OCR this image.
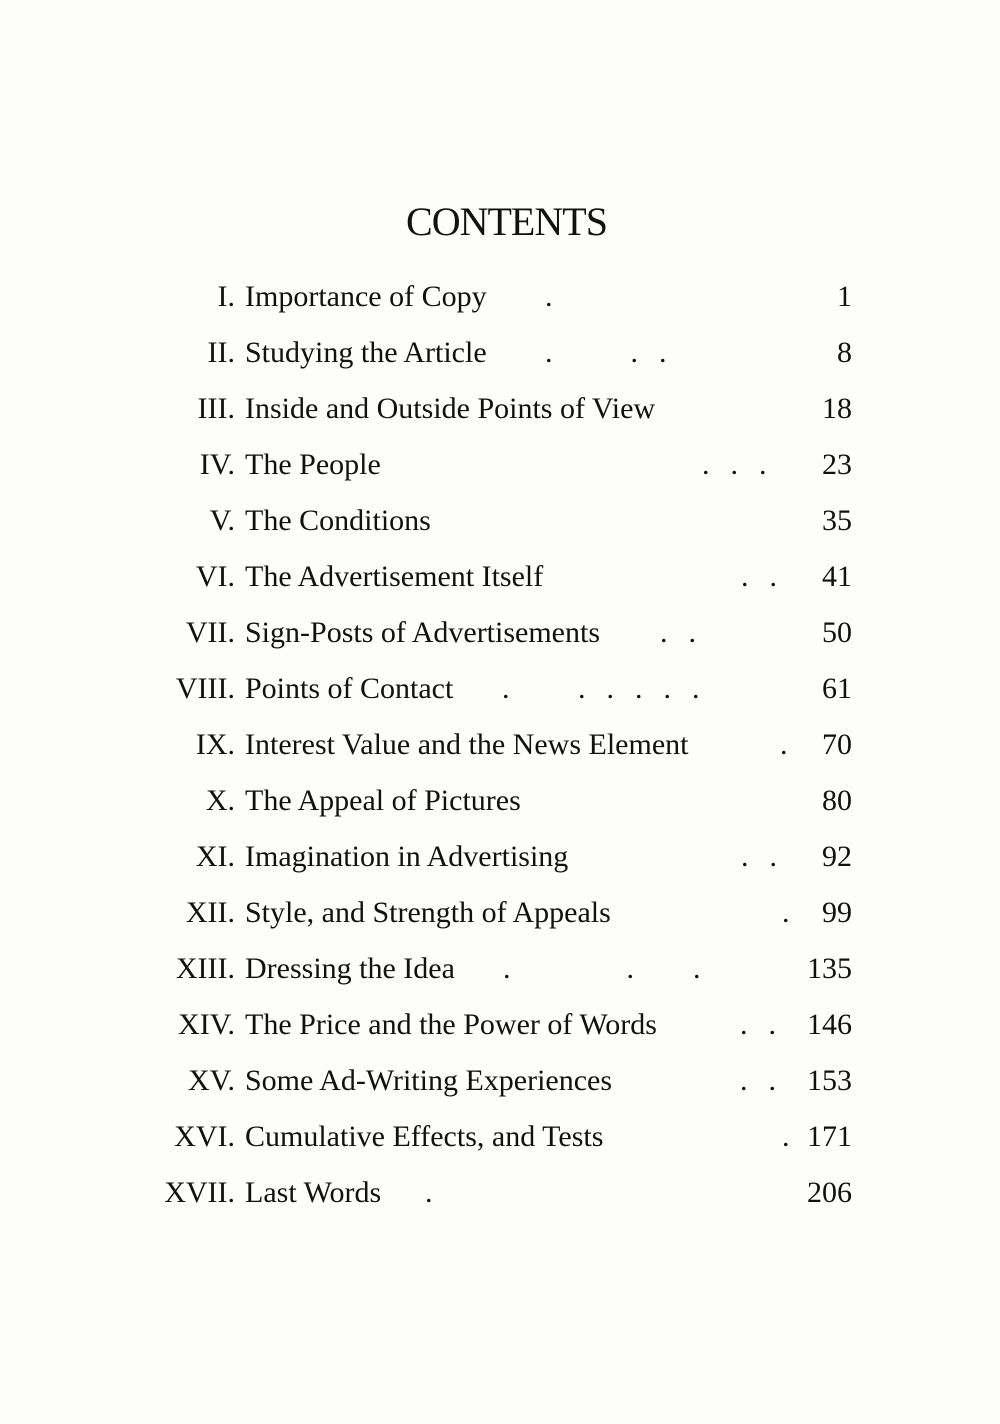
CONTENTS
I. Importance of Copy .	1
II. Studying the Article .        .  .	8
III. Inside and Outside Points of View	18
IV. The People	.  .  . 23
V. The Conditions	35
VI. The Advertisement Itself	.  . 41
VII. Sign-Posts of Advertisements .  .	50
VIII. Points of Contact .       .  .  .  .  .	61
IX. Interest Value and the News Element	. 70
X. The Appeal of Pictures	80
XI. Imagination in Advertising	.  . 92
XII. Style, and Strength of Appeals	. 99
XIII. Dressing the Idea .            .      .	135
XIV. The Price and the Power of Words	.  . 146
XV. Some Ad-Writing Experiences	.  . 153
XVI. Cumulative Effects, and Tests	. 171
XVII. Last Words .	206
